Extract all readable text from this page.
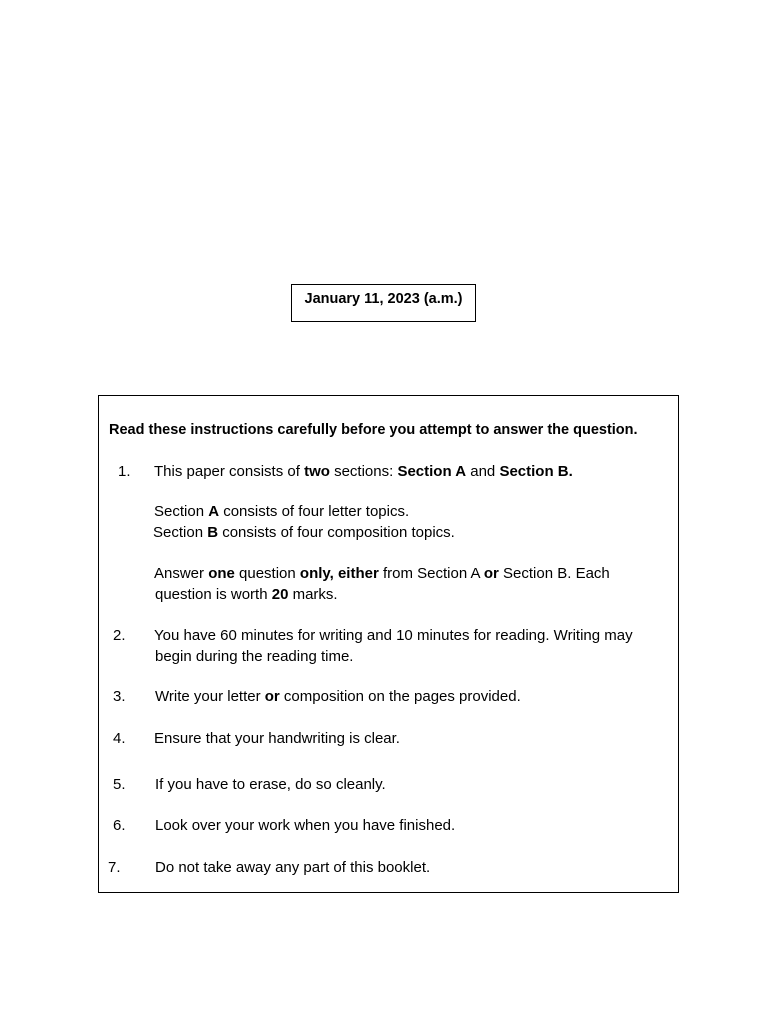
January 11, 2023 (a.m.)
Read these instructions carefully before you attempt to answer the question.
1.	This paper consists of two sections: Section A and Section B.
Section A consists of four letter topics.
Section B consists of four composition topics.
Answer one question only, either from Section A or Section B. Each
question is worth 20 marks.
2.	You have 60 minutes for writing and 10 minutes for reading. Writing may
begin during the reading time.
3.	Write your letter or composition on the pages provided.
4.	Ensure that your handwriting is clear.
5.	If you have to erase, do so cleanly.
6.	Look over your work when you have finished.
7.	Do not take away any part of this booklet.
